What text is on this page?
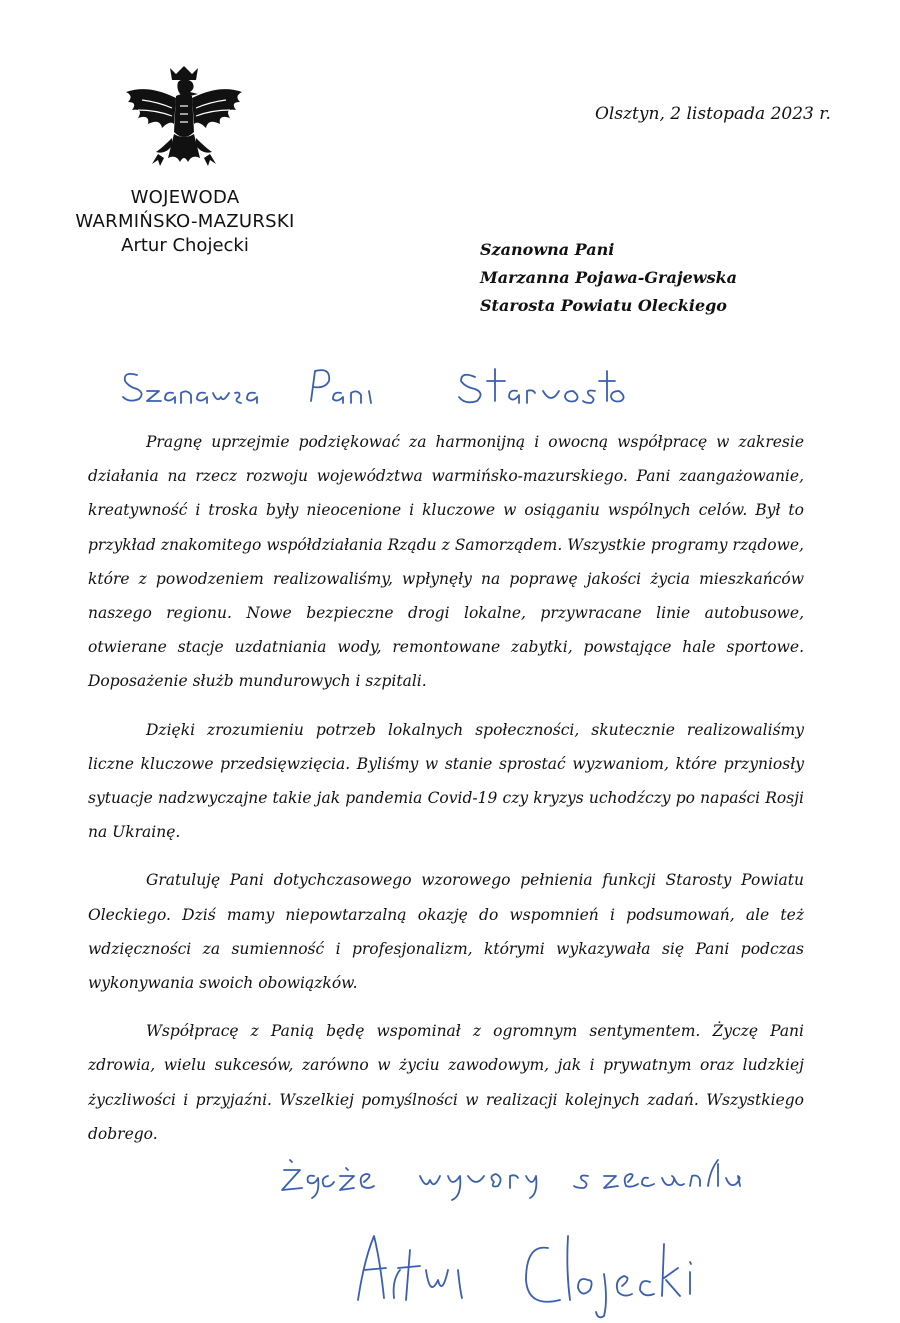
WOJEWODA
WARMIŃSKO-MAZURSKI
Artur Chojecki
Olsztyn, 2 listopada 2023 r.
Szanowna Pani
Marzanna Pojawa-Grajewska
Starosta Powiatu Oleckiego

Pragnę uprzejmie podziękować za harmonijną i owocną współpracę w zakresie działania na rzecz rozwoju województwa warmińsko-mazurskiego. Pani zaangażowanie, kreatywność i troska były nieocenione i kluczowe w osiąganiu wspólnych celów. Był to przykład znakomitego współdziałania Rządu z Samorządem. Wszystkie programy rządowe, które z powodzeniem realizowaliśmy, wpłynęły na poprawę jakości życia mieszkańców naszego regionu. Nowe bezpieczne drogi lokalne, przywracane linie autobusowe, otwierane stacje uzdatniania wody, remontowane zabytki, powstające hale sportowe. Doposażenie służb mundurowych i szpitali.

Dzięki zrozumieniu potrzeb lokalnych społeczności, skutecznie realizowaliśmy liczne kluczowe przedsięwzięcia. Byliśmy w stanie sprostać wyzwaniom, które przyniosły sytuacje nadzwyczajne takie jak pandemia Covid-19 czy kryzys uchodźczy po napaści Rosji na Ukrainę.

Gratuluję Pani dotychczasowego wzorowego pełnienia funkcji Starosty Powiatu Oleckiego. Dziś mamy niepowtarzalną okazję do wspomnień i podsumowań, ale też wdzięczności za sumienność i profesjonalizm, którymi wykazywała się Pani podczas wykonywania swoich obowiązków.

Współpracę z Panią będę wspominał z ogromnym sentymentem. Życzę Pani zdrowia, wielu sukcesów, zarówno w życiu zawodowym, jak i prywatnym oraz ludzkiej życzliwości i przyjaźni. Wszelkiej pomyślności w realizacji kolejnych zadań. Wszystkiego dobrego.
